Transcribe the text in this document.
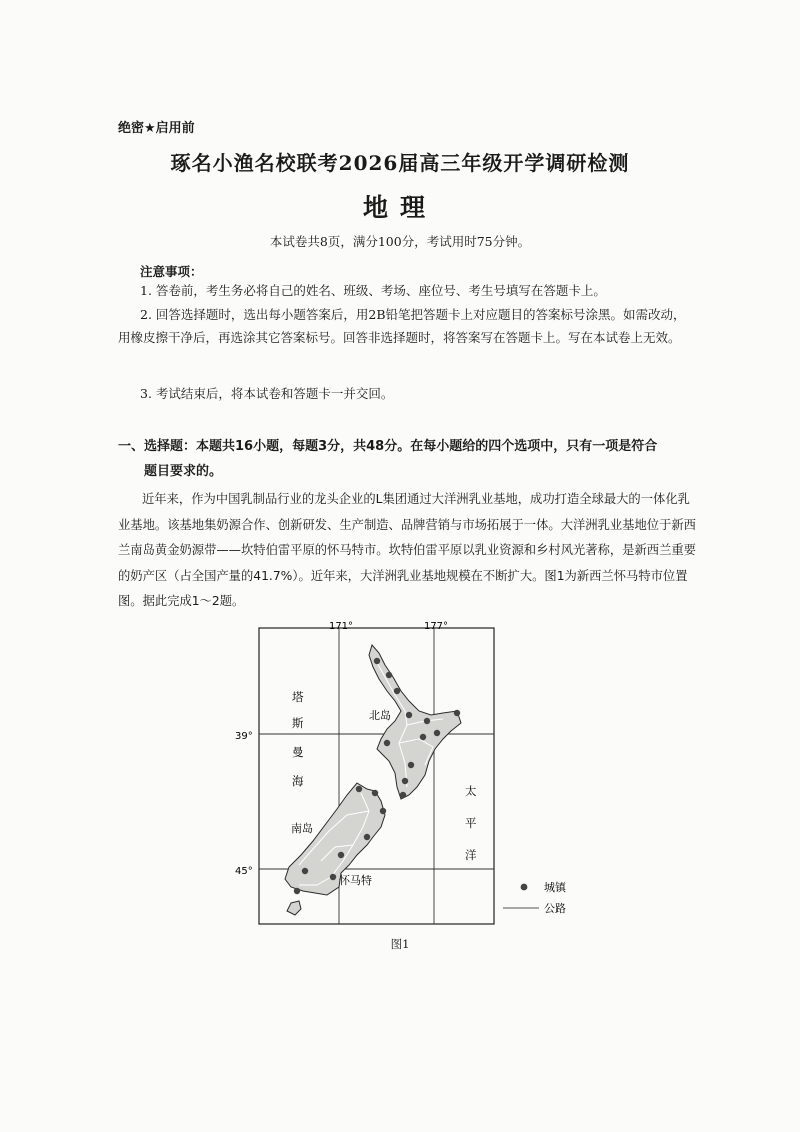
绝密★启用前
琢名小渔名校联考2026届高三年级开学调研检测
地理
本试卷共8页，满分100分，考试用时75分钟。
注意事项：
1. 答卷前，考生务必将自己的姓名、班级、考场、座位号、考生号填写在答题卡上。
2. 回答选择题时，选出每小题答案后，用2B铅笔把答题卡上对应题目的答案标号涂黑。如需改动，用橡皮擦干净后，再选涂其它答案标号。回答非选择题时，将答案写在答题卡上。写在本试卷上无效。
3. 考试结束后，将本试卷和答题卡一并交回。
一、选择题：本题共16小题，每题3分，共48分。在每小题给的四个选项中，只有一项是符合
题目要求的。
近年来，作为中国乳制品行业的龙头企业的L集团通过大洋洲乳业基地，成功打造全球最大的一体化乳业基地。该基地集奶源合作、创新研发、生产制造、品牌营销与市场拓展于一体。大洋洲乳业基地位于新西兰南岛黄金奶源带——坎特伯雷平原的怀马特市。坎特伯雷平原以乳业资源和乡村风光著称，是新西兰重要的奶产区（占全国产量的41.7%）。近年来，大洋洲乳业基地规模在不断扩大。图1为新西兰怀马特市位置图。据此完成1～2题。
171°	177°
39°
45°
北岛
南岛
怀马特
塔
斯
曼
海
太
平
洋
城镇
公路
图1
